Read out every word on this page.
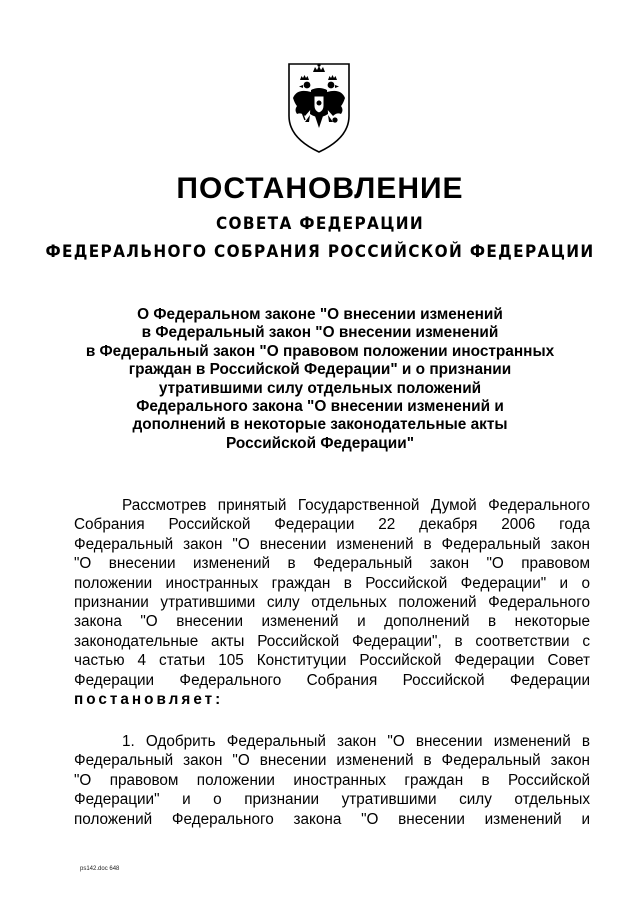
ПОСТАНОВЛЕНИЕ
СОВЕТА ФЕДЕРАЦИИ
ФЕДЕРАЛЬНОГО СОБРАНИЯ РОССИЙСКОЙ ФЕДЕРАЦИИ
О Федеральном законе "О внесении изменений
в Федеральный закон "О внесении изменений
в Федеральный закон "О правовом положении иностранных
граждан в Российской Федерации" и о признании
утратившими силу отдельных положений
Федерального закона "О внесении изменений и
дополнений в некоторые законодательные акты
Российской Федерации"
Рассмотрев принятый Государственной Думой Федерального
Собрания Российской Федерации 22 декабря 2006 года
Федеральный закон "О внесении изменений в Федеральный закон
"О внесении изменений в Федеральный закон "О правовом
положении иностранных граждан в Российской Федерации" и о
признании утратившими силу отдельных положений Федерального
закона "О внесении изменений и дополнений в некоторые
законодательные акты Российской Федерации", в соответствии с
частью 4 статьи 105 Конституции Российской Федерации Совет
Федерации Федерального Собрания Российской Федерации
постановляет:
1. Одобрить Федеральный закон "О внесении изменений в
Федеральный закон "О внесении изменений в Федеральный закон
"О правовом положении иностранных граждан в Российской
Федерации" и о признании утратившими силу отдельных
положений Федерального закона "О внесении изменений и
ps142.doc 648
